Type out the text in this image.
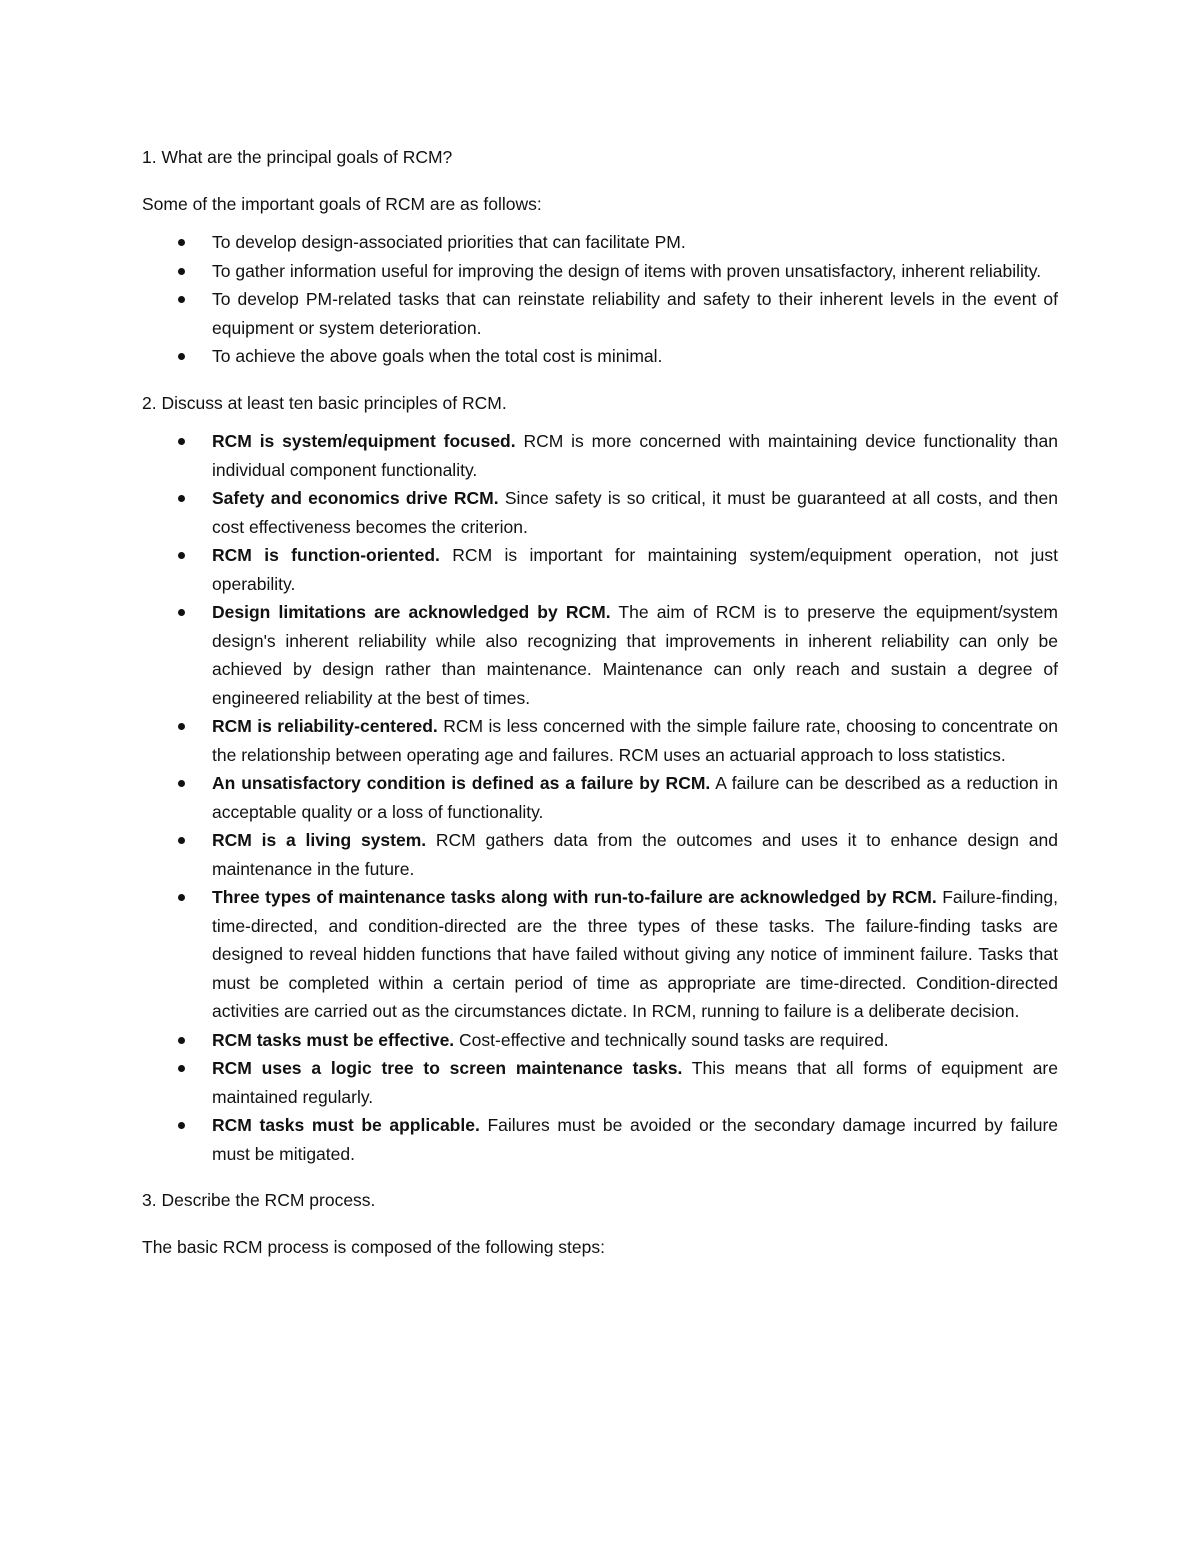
1. What are the principal goals of RCM?

Some of the important goals of RCM are as follows:

To develop design-associated priorities that can facilitate PM.
To gather information useful for improving the design of items with proven unsatisfactory, inherent reliability.
To develop PM-related tasks that can reinstate reliability and safety to their inherent levels in the event of equipment or system deterioration.
To achieve the above goals when the total cost is minimal.

2. Discuss at least ten basic principles of RCM.

RCM is system/equipment focused. RCM is more concerned with maintaining device functionality than individual component functionality.
Safety and economics drive RCM. Since safety is so critical, it must be guaranteed at all costs, and then cost effectiveness becomes the criterion.
RCM is function-oriented. RCM is important for maintaining system/equipment operation, not just operability.
Design limitations are acknowledged by RCM. The aim of RCM is to preserve the equipment/system design's inherent reliability while also recognizing that improvements in inherent reliability can only be achieved by design rather than maintenance. Maintenance can only reach and sustain a degree of engineered reliability at the best of times.
RCM is reliability-centered. RCM is less concerned with the simple failure rate, choosing to concentrate on the relationship between operating age and failures. RCM uses an actuarial approach to loss statistics.
An unsatisfactory condition is defined as a failure by RCM. A failure can be described as a reduction in acceptable quality or a loss of functionality.
RCM is a living system. RCM gathers data from the outcomes and uses it to enhance design and maintenance in the future.
Three types of maintenance tasks along with run-to-failure are acknowledged by RCM. Failure-finding, time-directed, and condition-directed are the three types of these tasks. The failure-finding tasks are designed to reveal hidden functions that have failed without giving any notice of imminent failure. Tasks that must be completed within a certain period of time as appropriate are time-directed. Condition-directed activities are carried out as the circumstances dictate. In RCM, running to failure is a deliberate decision.
RCM tasks must be effective. Cost-effective and technically sound tasks are required.
RCM uses a logic tree to screen maintenance tasks. This means that all forms of equipment are maintained regularly.
RCM tasks must be applicable. Failures must be avoided or the secondary damage incurred by failure must be mitigated.

3. Describe the RCM process.

The basic RCM process is composed of the following steps:
